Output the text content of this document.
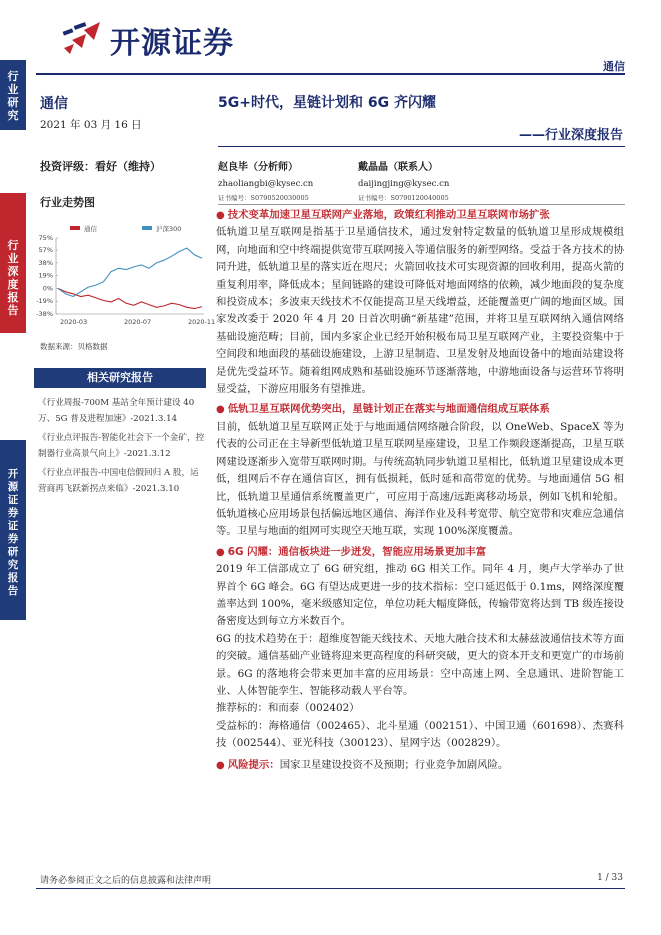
开源证券
通信
行业研究
行业深度报告
开源证券 证券研究报告
通信
2021 年 03 月 16 日
投资评级：看好（维持）
行业走势图
通信	沪深300
75%
57%
38%
19%
0%
-19%
-38%
2020-03	2020-07	2020-11
数据来源：贝格数据
相关研究报告
《行业周报-700M 基站全年预计建设 40 万、5G 普及进程加速》-2021.3.14
《行业点评报告-智能化社会下一个金矿，控制器行业高景气向上》-2021.3.12
《行业点评报告-中国电信假回归 A 股，运营商再飞跃新拐点来临》-2021.3.10
5G+时代，星链计划和 6G 齐闪耀
——行业深度报告
赵良毕（分析师）
zhaoliangbi@kysec.cn
证书编号：S0790520030005
戴晶晶（联系人）
daijingjing@kysec.cn
证书编号：S0790120040005
● 技术变革加速卫星互联网产业落地，政策红利推动卫星互联网市场扩张
低轨道卫星互联网是指基于卫星通信技术，通过发射特定数量的低轨道卫星形成规模组网，向地面和空中终端提供宽带互联网接入等通信服务的新型网络。受益于各方技术的协同升进，低轨道卫星的落实近在咫尺；火箭回收技术可实现资源的回收利用，提高火箭的重复利用率，降低成本；星间链路的建设可降低对地面网络的依赖，减少地面段的复杂度和投资成本；多波束天线技术不仅能提高卫星天线增益，还能覆盖更广阔的地面区域。国家发改委于 2020 年 4 月 20 日首次明确“新基建”范围，并将卫星互联网纳入通信网络基础设施范畴；目前，国内多家企业已经开始积极布局卫星互联网产业，主要投资集中于空间段和地面段的基础设施建设，上游卫星制造、卫星发射及地面设备中的地面站建设将是优先受益环节。随着组网成熟和基础设施环节逐渐落地，中游地面设备与运营环节将明显受益，下游应用服务有望推进。
● 低轨卫星互联网优势突出，星链计划正在落实与地面通信组成互联体系
目前，低轨道卫星互联网正处于与地面通信网络融合阶段，以 OneWeb、SpaceX 等为代表的公司正在主导新型低轨道卫星互联网星座建设，卫星工作频段逐渐提高，卫星互联网建设逐渐步入宽带互联网时期。与传统高轨同步轨道卫星相比，低轨道卫星建设成本更低，组网后不存在通信盲区，拥有低损耗，低时延和高带宽的优势。与地面通信 5G 相比，低轨道卫星通信系统覆盖更广，可应用于高速/远距离移动场景，例如飞机和轮船。低轨道核心应用场景包括偏远地区通信、海洋作业及科考宽带、航空宽带和灾难应急通信等。卫星与地面的组网可实现空天地互联，实现 100%深度覆盖。
● 6G 闪耀：通信板块进一步迸发，智能应用场景更加丰富
2019 年工信部成立了 6G 研究组，推动 6G 相关工作。同年 4 月，奥卢大学举办了世界首个 6G 峰会。6G 有望达成更进一步的技术指标：空口延迟低于 0.1ms，网络深度覆盖率达到 100%，毫米级感知定位，单位功耗大幅度降低，传输带宽将达到 TB 级连接设备密度达到每立方米数百个。
6G 的技术趋势在于：超维度智能天线技术、天地大融合技术和太赫兹波通信技术等方面的突破。通信基础产业链将迎来更高程度的科研突破，更大的资本开支和更宽广的市场前景。6G 的落地将会带来更加丰富的应用场景：空中高速上网、全息通讯、进阶智能工业、人体智能孪生、智能移动载人平台等。
推荐标的：和而泰（002402）
受益标的：海格通信（002465）、北斗星通（002151）、中国卫通（601698）、杰赛科技（002544）、亚光科技（300123）、星网宇达（002829）。
● 风险提示：国家卫星建设投资不及预期；行业竞争加剧风险。
请务必参阅正文之后的信息披露和法律声明	1 / 33
